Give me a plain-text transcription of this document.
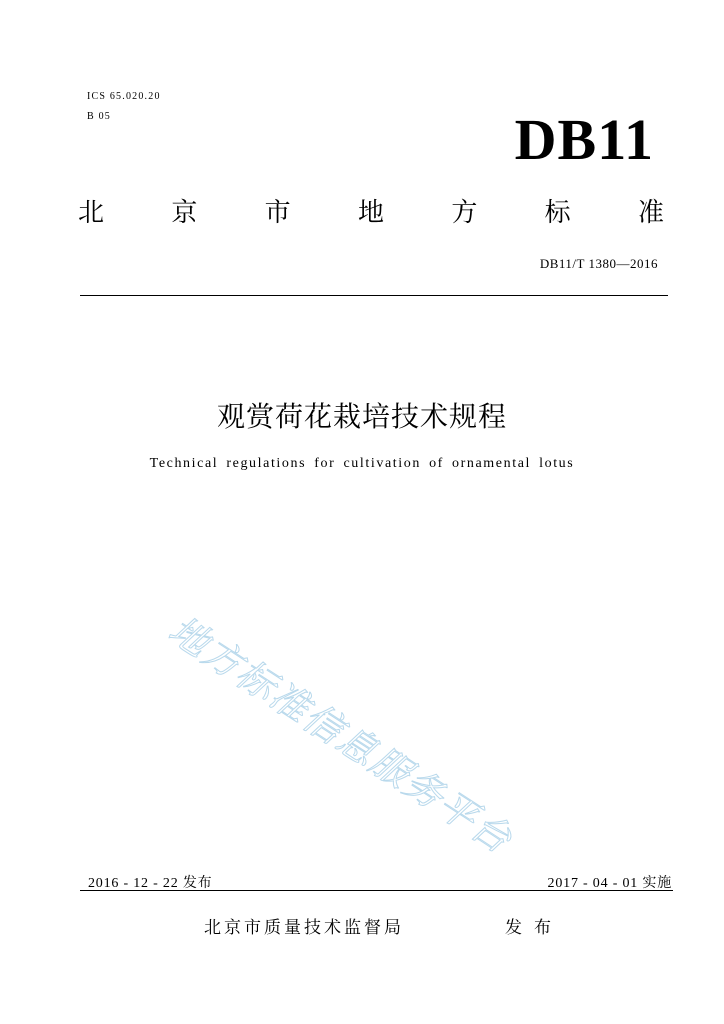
ICS 65.020.20
B 05	DB11
北	京	市	地	方	标	准
DB11/T 1380—2016
观赏荷花栽培技术规程
Technical regulations for cultivation of ornamental lotus
地方标准信息服务平台
2016 - 12 - 22 发布	2017 - 04 - 01 实施
北京市质量技术监督局	发布
